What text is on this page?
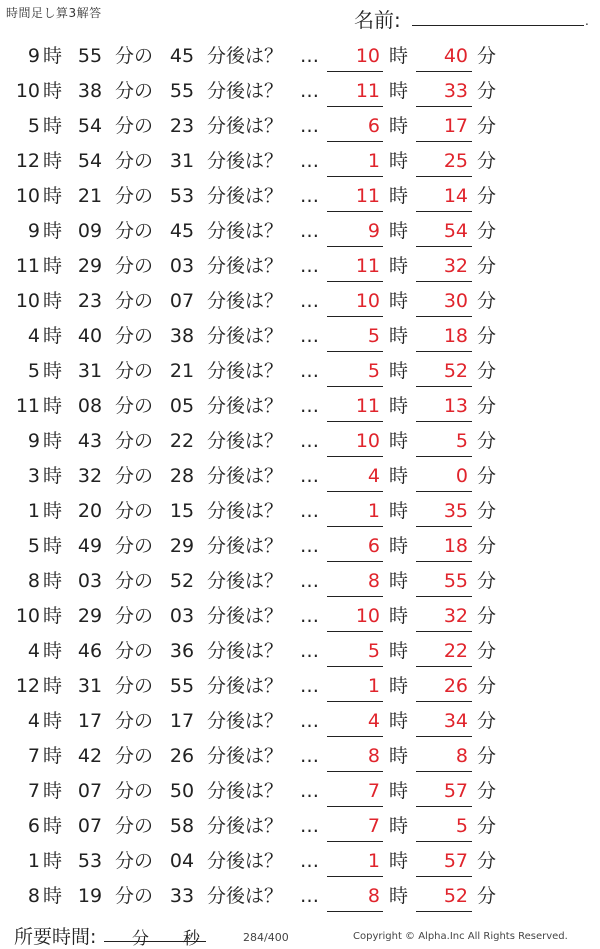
時間足し算3解答	名前:	.
9 時 55 分の 45 分後は？ …	10 時	40 分
10 時 38 分の 55 分後は？ …	11 時	33 分
5 時 54 分の 23 分後は？ …	6 時	17 分
12 時 54 分の 31 分後は？ …	1 時	25 分
10 時 21 分の 53 分後は？ …	11 時	14 分
9 時 09 分の 45 分後は？ …	9 時	54 分
11 時 29 分の 03 分後は？ …	11 時	32 分
10 時 23 分の 07 分後は？ …	10 時	30 分
4 時 40 分の 38 分後は？ …	5 時	18 分
5 時 31 分の 21 分後は？ …	5 時	52 分
11 時 08 分の 05 分後は？ …	11 時	13 分
9 時 43 分の 22 分後は？ …	10 時	5 分
3 時 32 分の 28 分後は？ …	4 時	0 分
1 時 20 分の 15 分後は？ …	1 時	35 分
5 時 49 分の 29 分後は？ …	6 時	18 分
8 時 03 分の 52 分後は？ …	8 時	55 分
10 時 29 分の 03 分後は？ …	10 時	32 分
4 時 46 分の 36 分後は？ …	5 時	22 分
12 時 31 分の 55 分後は？ …	1 時	26 分
4 時 17 分の 17 分後は？ …	4 時	34 分
7 時 42 分の 26 分後は？ …	8 時	8 分
7 時 07 分の 50 分後は？ …	7 時	57 分
6 時 07 分の 58 分後は？ …	7 時	5 分
1 時 53 分の 04 分後は？ …	1 時	57 分
8 時 19 分の 33 分後は？ …	8 時	52 分
所要時間: 分 秒	284/400	Copyright © Alpha.Inc All Rights Reserved.
